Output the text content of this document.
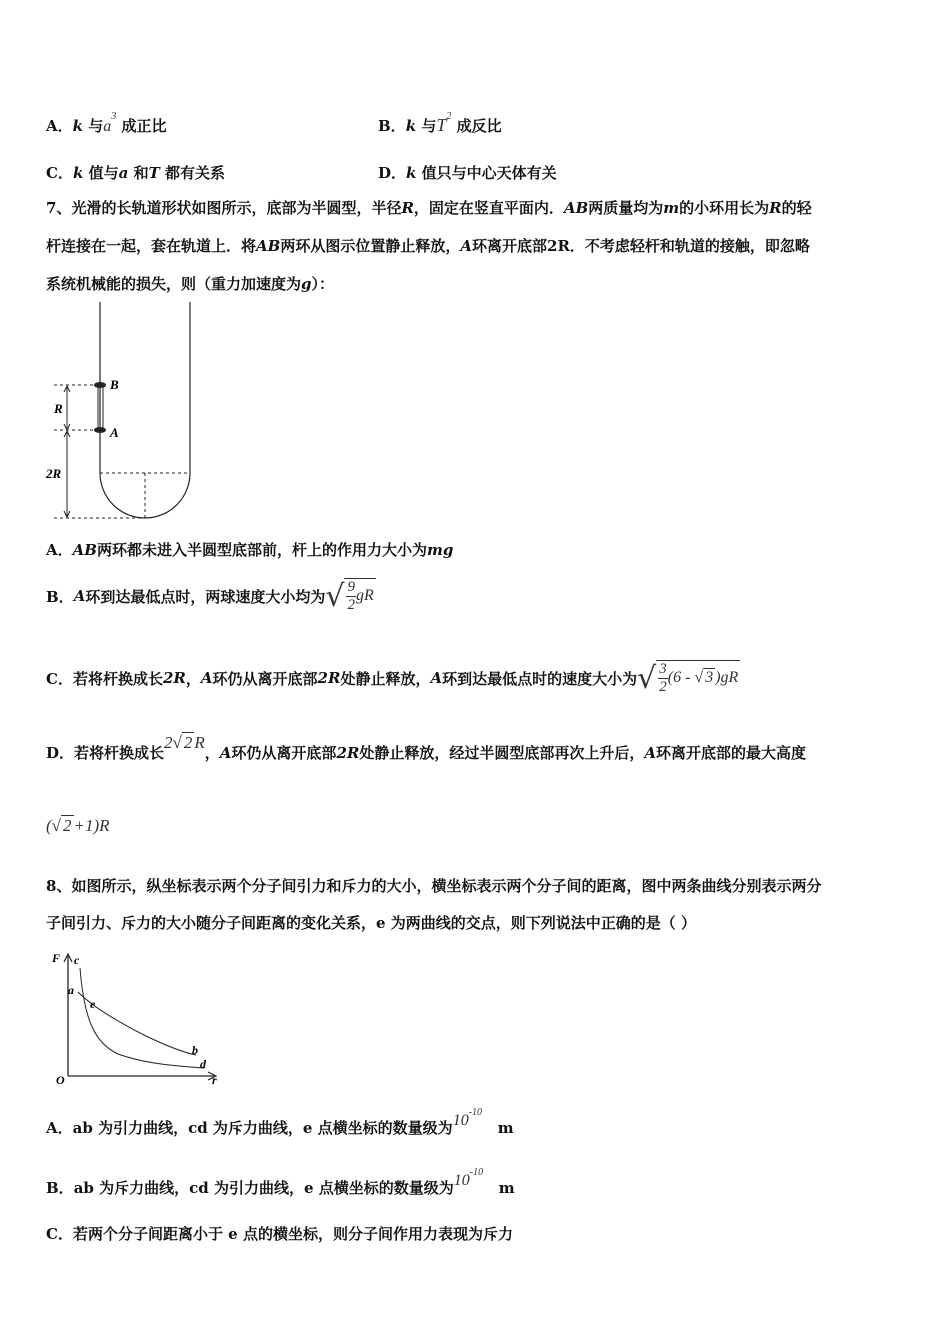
A．k 与$a^3$ 成正比	B．k 与$T^2$ 成反比
C．k 值与a 和T 都有关系	D．k 值只与中心天体有关
7、光滑的长轨道形状如图所示，底部为半圆型，半径R，固定在竖直平面内．AB两质量均为m的小环用长为R的轻
杆连接在一起，套在轨道上．将AB两环从图示位置静止释放，A环离开底部2R．不考虑轻杆和轨道的接触，即忽略
系统机械能的损失，则（重力加速度为g）：
B
A
R
2R
A．AB两环都未进入半圆型底部前，杆上的作用力大小为mg
B． A 环到达最低点时，两球速度大小均为 √ $\frac{9}{2}$ gR
C． 若将杆换成长 2R ， A 环仍从离开底部 2R 处静止释放， A 环到达最低点时的速度大小为 √ $\frac{3}{2} (6$ - √ 3 )gR
D． 若将杆换成长
2√ 2 R
， A 环仍从离开底部 2R 处静止释放，经过半圆型底部再次上升后， A 环离开底部的最大高度
(√ 2 +1)R
8、如图所示，纵坐标表示两个分子间引力和斥力的大小，横坐标表示两个分子间的距离，图中两条曲线分别表示两分
子间引力、斥力的大小随分子间距离的变化关系，e 为两曲线的交点，则下列说法中正确的是（ ）
F
O	r
c
a
e
b
d
A．ab 为引力曲线，cd 为斥力曲线，e 点横坐标的数量级为$10^{-10}$   m
B．ab 为斥力曲线，cd 为引力曲线，e 点横坐标的数量级为$10^{-10}$   m
C．若两个分子间距离小于 e 点的横坐标，则分子间作用力表现为斥力
